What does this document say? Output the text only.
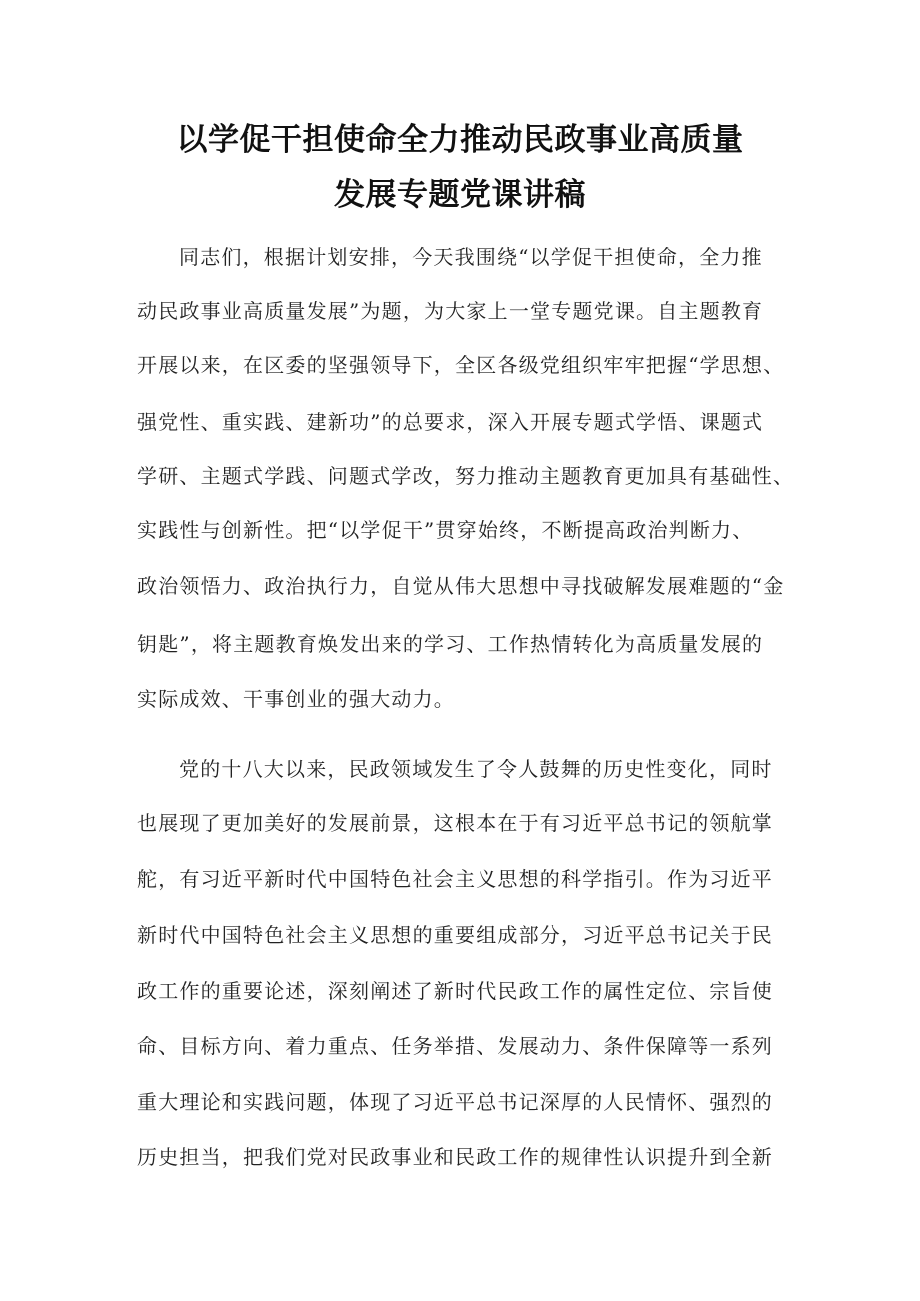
以学促干担使命全力推动民政事业高质量
发展专题党课讲稿
同志们，根据计划安排，今天我围绕“以学促干担使命，全力推
动民政事业高质量发展”为题，为大家上一堂专题党课。自主题教育
开展以来，在区委的坚强领导下，全区各级党组织牢牢把握“学思想、
强党性、重实践、建新功”的总要求，深入开展专题式学悟、课题式
学研、主题式学践、问题式学改，努力推动主题教育更加具有基础性、
实践性与创新性。把“以学促干”贯穿始终，不断提高政治判断力、
政治领悟力、政治执行力，自觉从伟大思想中寻找破解发展难题的“金
钥匙”，将主题教育焕发出来的学习、工作热情转化为高质量发展的
实际成效、干事创业的强大动力。
党的十八大以来，民政领域发生了令人鼓舞的历史性变化，同时
也展现了更加美好的发展前景，这根本在于有习近平总书记的领航掌
舵，有习近平新时代中国特色社会主义思想的科学指引。作为习近平
新时代中国特色社会主义思想的重要组成部分，习近平总书记关于民
政工作的重要论述，深刻阐述了新时代民政工作的属性定位、宗旨使
命、目标方向、着力重点、任务举措、发展动力、条件保障等一系列
重大理论和实践问题，体现了习近平总书记深厚的人民情怀、强烈的
历史担当，把我们党对民政事业和民政工作的规律性认识提升到全新
